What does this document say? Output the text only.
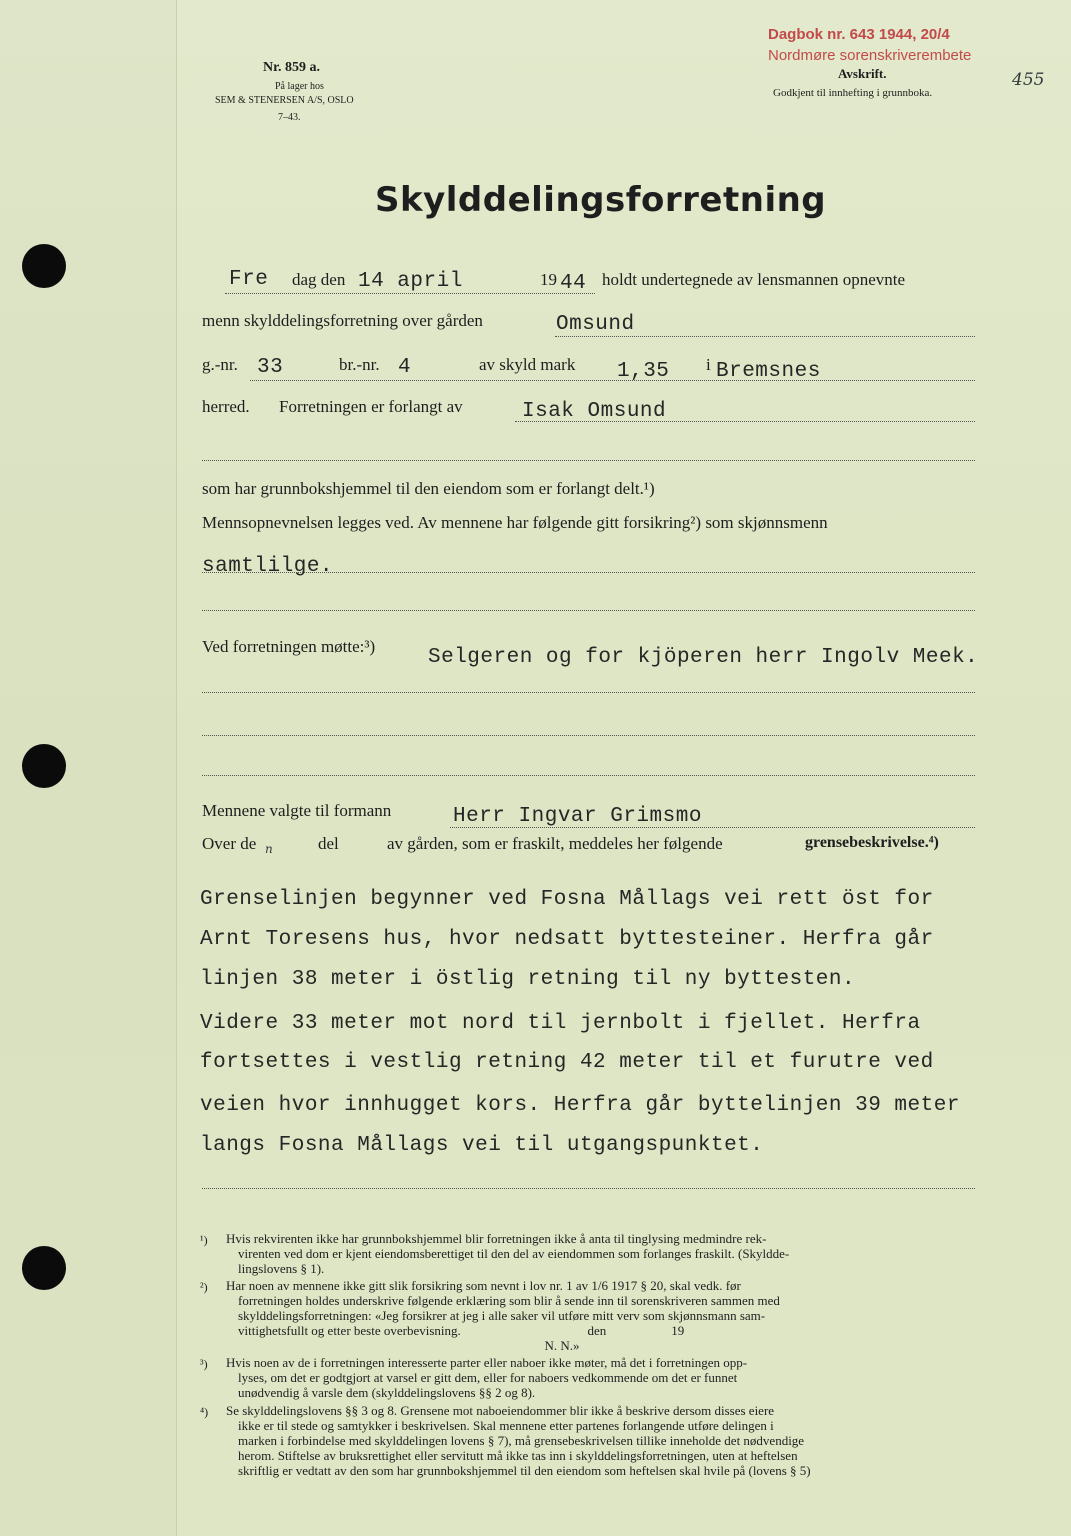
Nr. 859 a.
På lager hos
SEM & STENERSEN A/S, OSLO
7–43.
Dagbok nr. 643 1944, 20/4
Nordmøre sorenskriverembete
Avskrift.
Godkjent til innhefting i grunnboka.
455
Skylddelingsforretning
Fre dag den 14 april	19 44 holdt undertegnede av lensmannen opnevnte
menn skylddelingsforretning over gården	Omsund
g.-nr. 33	br.-nr. 4	av skyld mark 1,35 i Bremsnes
herred. Forretningen er forlangt av	Isak Omsund
som har grunnbokshjemmel til den eiendom som er forlangt delt.¹)
Mennsopnevnelsen legges ved. Av mennene har følgende gitt forsikring²) som skjønnsmenn
samtlilge.
Ved forretningen møtte:³)	Selgeren og for kjöperen herr Ingolv Meek.
Mennene valgte til formann	Herr Ingvar Grimsmo
Over de n	del	av gården, som er fraskilt, meddeles her følgende	grensebeskrivelse.⁴)
Grenselinjen begynner ved Fosna Mållags vei rett öst for
Arnt Toresens hus, hvor nedsatt byttesteiner. Herfra går
linjen 38 meter i östlig retning til ny byttesten.
Videre 33 meter mot nord til jernbolt i fjellet. Herfra
fortsettes i vestlig retning 42 meter til et furutre ved
veien hvor innhugget kors. Herfra går byttelinjen 39 meter
langs Fosna Mållags vei til utgangspunktet.
¹) Hvis rekvirenten ikke har grunnbokshjemmel blir forretningen ikke å anta til tinglysing medmindre rek-
virenten ved dom er kjent eiendomsberettiget til den del av eiendommen som forlanges fraskilt. (Skyldde-
lingslovens § 1).
²) Har noen av mennene ikke gitt slik forsikring som nevnt i lov nr. 1 av 1/6 1917 § 20, skal vedk. før
forretningen holdes underskrive følgende erklæring som blir å sende inn til sorenskriveren sammen med
skylddelingsforretningen: «Jeg forsikrer at jeg i alle saker vil utføre mitt verv som skjønnsmann sam-
vittighetsfullt og etter beste overbevisning.                                       den                    19
N. N.»
³) Hvis noen av de i forretningen interesserte parter eller naboer ikke møter, må det i forretningen opp-
lyses, om det er godtgjort at varsel er gitt dem, eller for naboers vedkommende om det er funnet
unødvendig å varsle dem (skylddelingslovens §§ 2 og 8).
⁴) Se skylddelingslovens §§ 3 og 8. Grensene mot naboeiendommer blir ikke å beskrive dersom disses eiere
ikke er til stede og samtykker i beskrivelsen. Skal mennene etter partenes forlangende utføre delingen i
marken i forbindelse med skylddelingen lovens § 7), må grensebeskrivelsen tillike inneholde det nødvendige
herom. Stiftelse av bruksrettighet eller servitutt må ikke tas inn i skylddelingsforretningen, uten at heftelsen
skriftlig er vedtatt av den som har grunnbokshjemmel til den eiendom som heftelsen skal hvile på (lovens § 5)
